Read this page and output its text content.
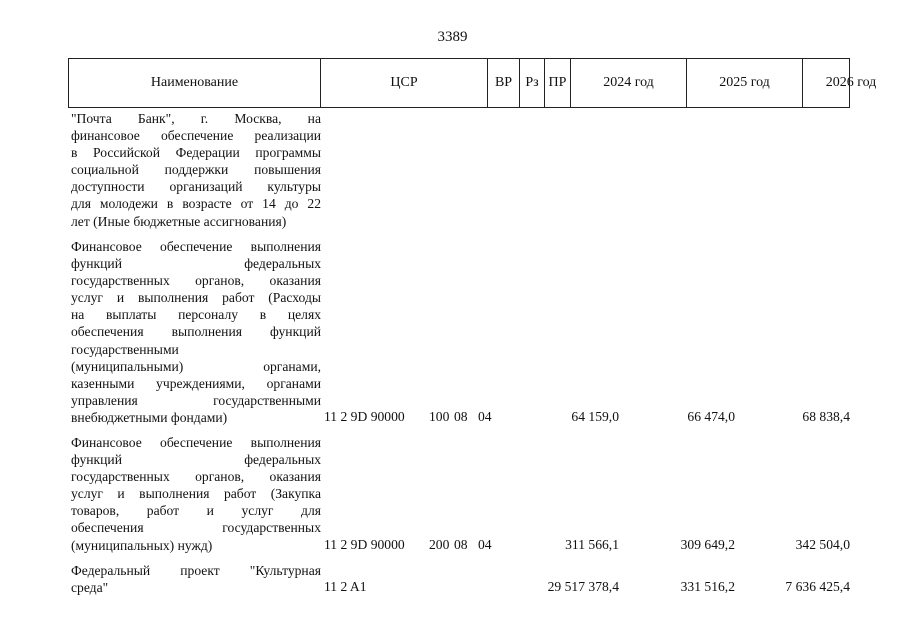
3389
Наименование	ЦСР	ВР Рз ПР	2024 год	2025 год	2026 год
"Почта Банк", г. Москва, на
финансовое обеспечение реализации
в Российской Федерации программы
социальной поддержки повышения
доступности организаций культуры
для молодежи в возрасте от 14 до 22
лет (Иные бюджетные ассигнования)
Финансовое обеспечение выполнения
функций федеральных
государственных органов, оказания
услуг и выполнения работ (Расходы
на выплаты персоналу в целях
обеспечения выполнения функций
государственными
(муниципальными) органами,
казенными учреждениями, органами
управления государственными
внебюджетными фондами)	11 2 9D 90000 100 08 04	64 159,0	66 474,0	68 838,4
Финансовое обеспечение выполнения
функций федеральных
государственных органов, оказания
услуг и выполнения работ (Закупка
товаров, работ и услуг для
обеспечения государственных
(муниципальных) нужд)	11 2 9D 90000 200 08 04	311 566,1	309 649,2	342 504,0
Федеральный проект "Культурная
среда"	11 2 A1	29 517 378,4	331 516,2	7 636 425,4
